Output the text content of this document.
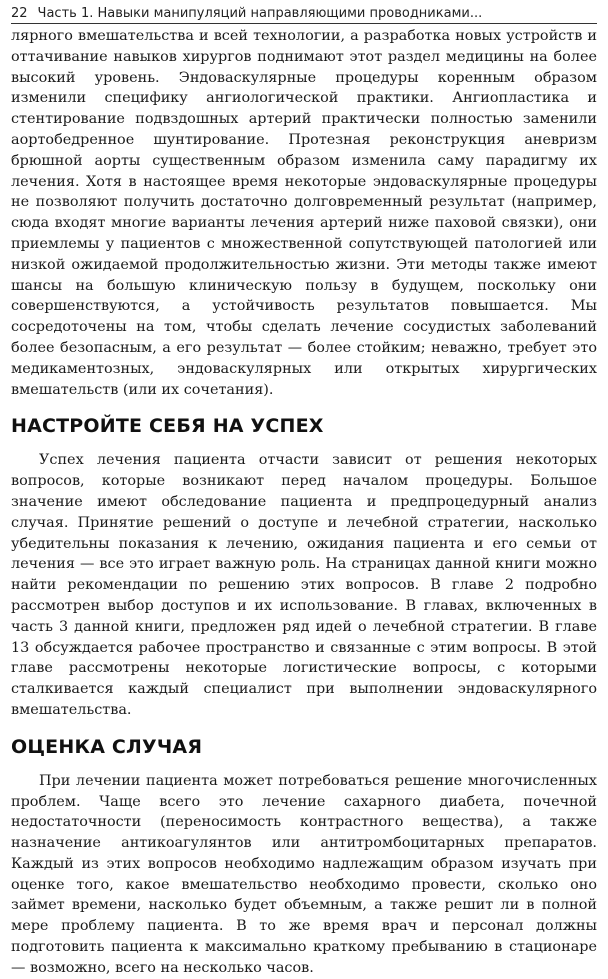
22 Часть 1. Навыки манипуляций направляющими проводниками...

лярного вмешательства и всей технологии, а разработка новых устройств и оттачивание навыков хирургов поднимают этот раздел медицины на более высокий уровень. Эндоваскулярные процедуры коренным образом изменили специфику ангиологической практики. Ангиопластика и стентирование подвздошных артерий практически полностью заменили аортобедренное шунтирование. Протезная реконструкция аневризм брюшной аорты существенным образом изменила саму парадигму их лечения. Хотя в настоящее время некоторые эндоваскулярные процедуры не позволяют получить достаточно долговременный результат (например, сюда входят многие варианты лечения артерий ниже паховой связки), они приемлемы у пациентов с множественной сопутствующей патологией или низкой ожидаемой продолжительностью жизни. Эти методы также имеют шансы на большую клиническую пользу в будущем, поскольку они совершенствуются, а устойчивость результатов повышается. Мы сосредоточены на том, чтобы сделать лечение сосудистых заболеваний более безопасным, а его результат — более стойким; неважно, требует это медикаментозных, эндоваскулярных или открытых хирургических вмешательств (или их сочетания).

НАСТРОЙТЕ СЕБЯ НА УСПЕХ

Успех лечения пациента отчасти зависит от решения некоторых вопросов, которые возникают перед началом процедуры. Большое значение имеют обследование пациента и предпроцедурный анализ случая. Принятие решений о доступе и лечебной стратегии, насколько убедительны показания к лечению, ожидания пациента и его семьи от лечения — все это играет важную роль. На страницах данной книги можно найти рекомендации по решению этих вопросов. В главе 2 подробно рассмотрен выбор доступов и их использование. В главах, включенных в часть 3 данной книги, предложен ряд идей о лечебной стратегии. В главе 13 обсуждается рабочее пространство и связанные с этим вопросы. В этой главе рассмотрены некоторые логистические вопросы, с которыми сталкивается каждый специалист при выполнении эндоваскулярного вмешательства.

ОЦЕНКА СЛУЧАЯ

При лечении пациента может потребоваться решение многочисленных проблем. Чаще всего это лечение сахарного диабета, почечной недостаточности (переносимость контрастного вещества), а также назначение антикоагулянтов или антитромбоцитарных препаратов. Каждый из этих вопросов необходимо надлежащим образом изучать при оценке того, какое вмешательство необходимо провести, сколько оно займет времени, насколько будет объемным, а также решит ли в полной мере проблему пациента. В то же время врач и персонал должны подготовить пациента к максимально краткому пребыванию в стационаре — возможно, всего на несколько часов.
